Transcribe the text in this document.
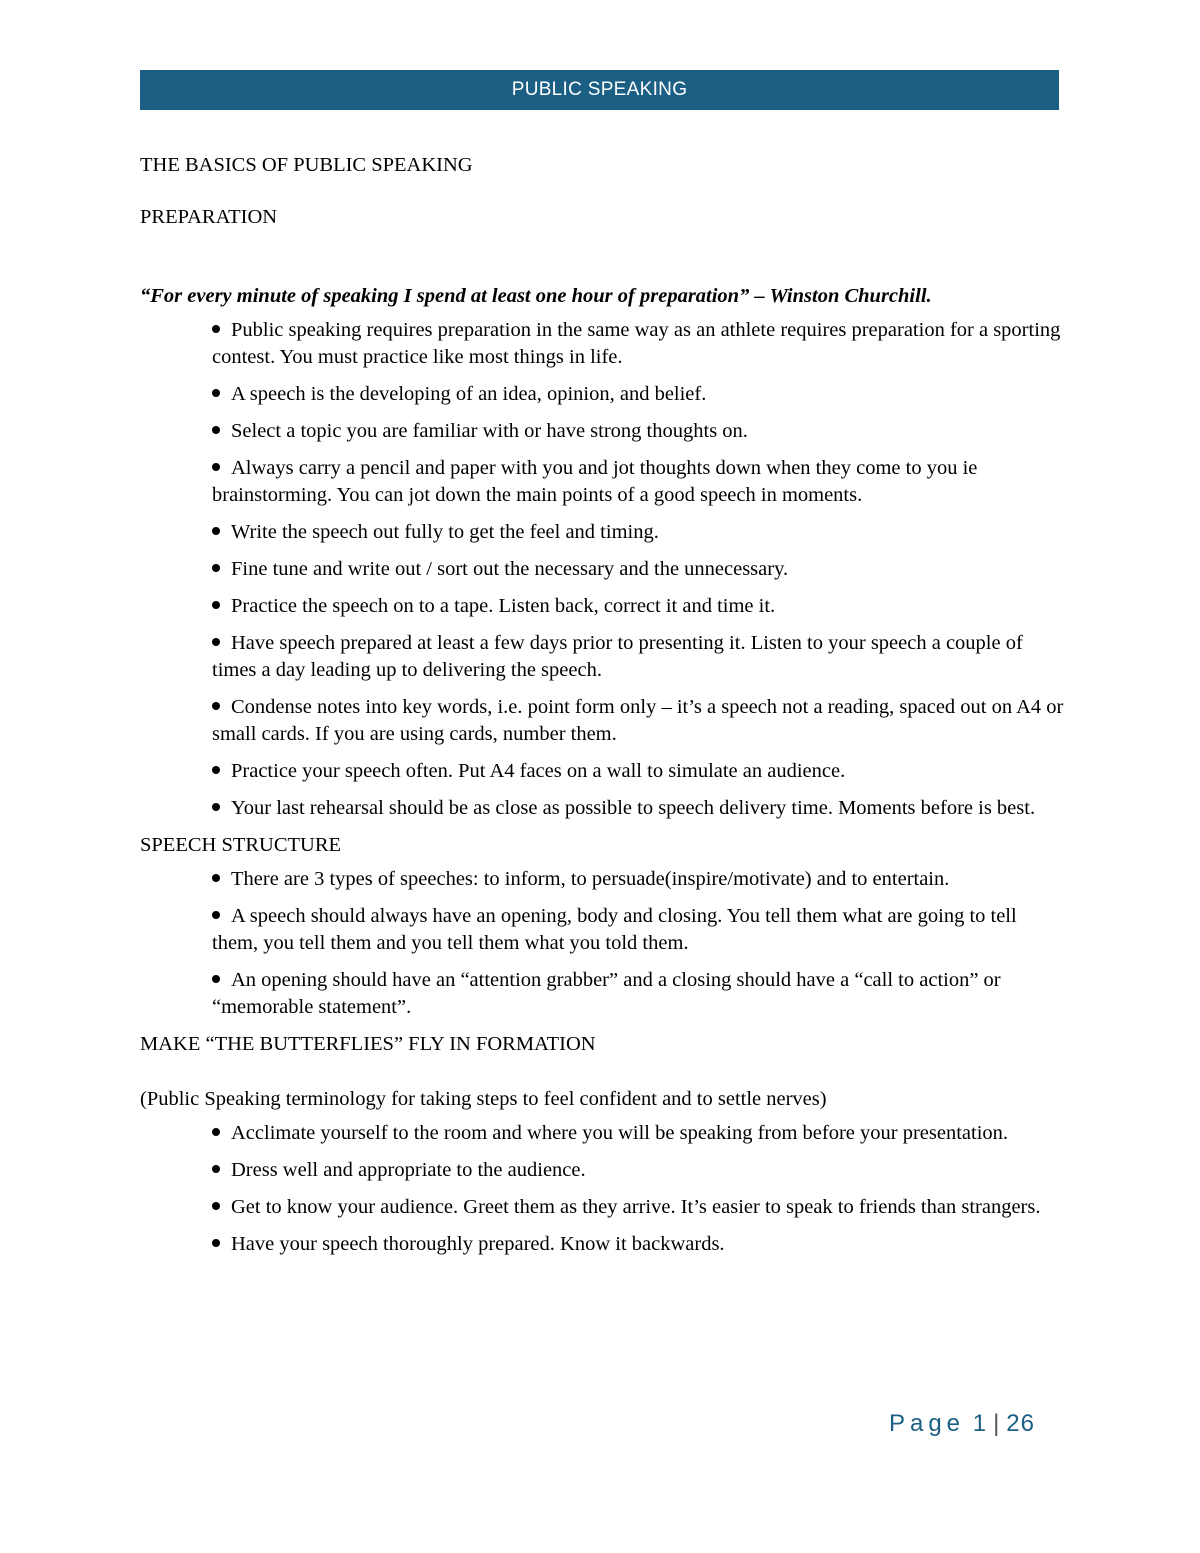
PUBLIC SPEAKING

THE BASICS OF PUBLIC SPEAKING

PREPARATION

“For every minute of speaking I spend at least one hour of preparation” – Winston Churchill.

Public speaking requires preparation in the same way as an athlete requires preparation for a sporting contest. You must practice like most things in life.
A speech is the developing of an idea, opinion, and belief.
Select a topic you are familiar with or have strong thoughts on.
Always carry a pencil and paper with you and jot thoughts down when they come to you ie brainstorming. You can jot down the main points of a good speech in moments.
Write the speech out fully to get the feel and timing.
Fine tune and write out / sort out the necessary and the unnecessary.
Practice the speech on to a tape. Listen back, correct it and time it.
Have speech prepared at least a few days prior to presenting it. Listen to your speech a couple of times a day leading up to delivering the speech.
Condense notes into key words, i.e. point form only – it’s a speech not a reading, spaced out on A4 or small cards. If you are using cards, number them.
Practice your speech often. Put A4 faces on a wall to simulate an audience.
Your last rehearsal should be as close as possible to speech delivery time. Moments before is best.

SPEECH STRUCTURE

There are 3 types of speeches: to inform, to persuade(inspire/motivate) and to entertain.
A speech should always have an opening, body and closing. You tell them what are going to tell them, you tell them and you tell them what you told them.
An opening should have an “attention grabber” and a closing should have a “call to action” or “memorable statement”.

MAKE “THE BUTTERFLIES” FLY IN FORMATION

(Public Speaking terminology for taking steps to feel confident and to settle nerves)

Acclimate yourself to the room and where you will be speaking from before your presentation.
Dress well and appropriate to the audience.
Get to know your audience. Greet them as they arrive. It’s easier to speak to friends than strangers.
Have your speech thoroughly prepared. Know it backwards.
Page 1 | 26
